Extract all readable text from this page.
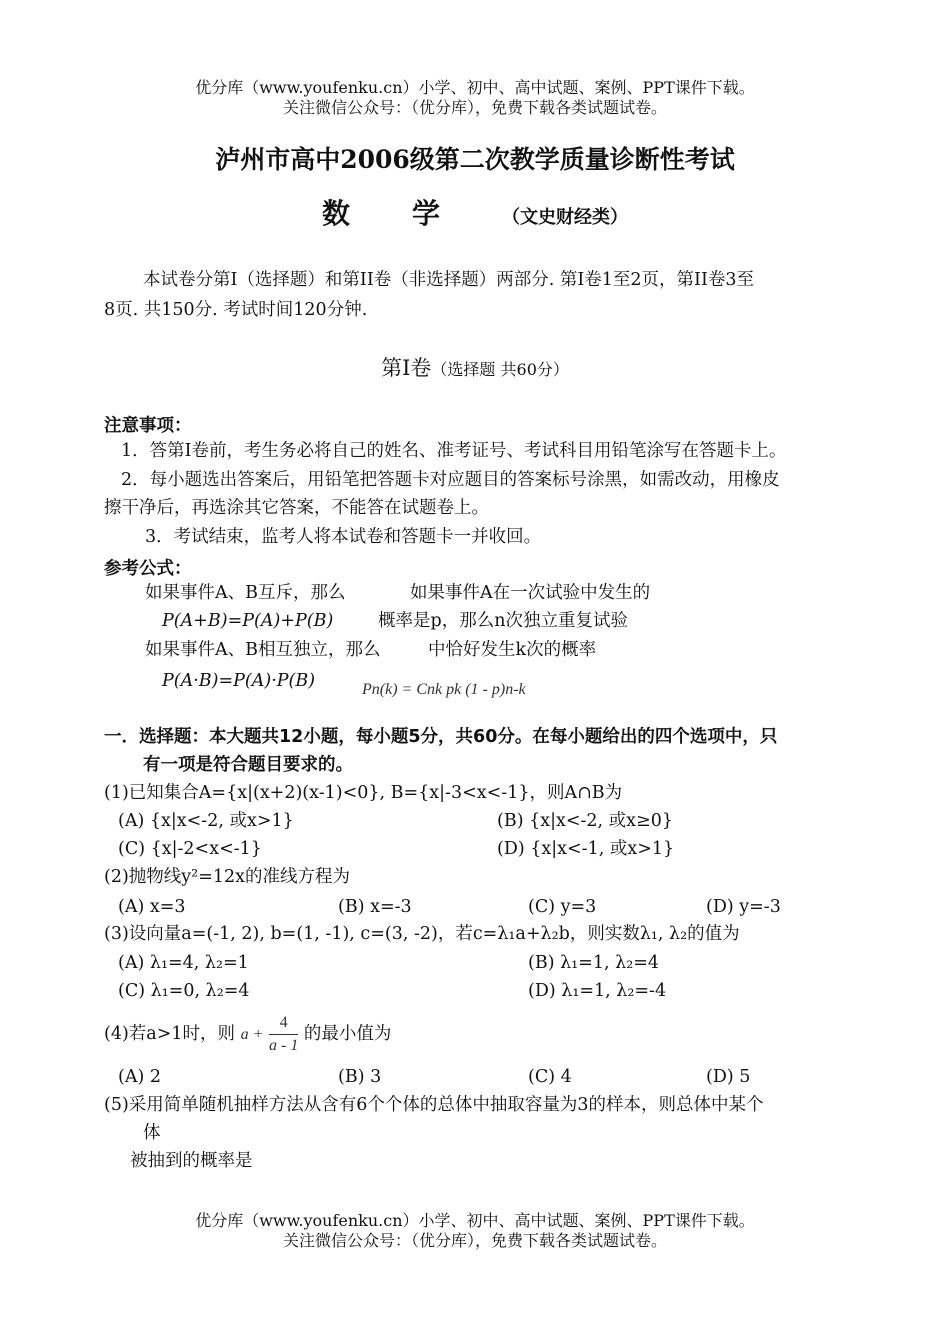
优分库（www.youfenku.cn）小学、初中、高中试题、案例、PPT课件下载。
关注微信公众号：（优分库），免费下载各类试题试卷。
泸州市高中2006级第二次教学质量诊断性考试
数学（文史财经类）
本试卷分第I（选择题）和第II卷（非选择题）两部分. 第I卷1至2页，第II卷3至
8页. 共150分. 考试时间120分钟.
第I卷（选择题 共60分）
注意事项：
1．答第I卷前，考生务必将自己的姓名、准考证号、考试科目用铅笔涂写在答题卡上。
2．每小题选出答案后，用铅笔把答题卡对应题目的答案标号涂黑，如需改动，用橡皮
擦干净后，再选涂其它答案，不能答在试题卷上。
3．考试结束，监考人将本试卷和答题卡一并收回。
参考公式：
如果事件A、B互斥，那么	如果事件A在一次试验中发生的
P(A+B)=P(A)+P(B)	概率是p，那么n次独立重复试验
如果事件A、B相互独立，那么	中恰好发生k次的概率
P(A·B)=P(A)·P(B)	Pn(k) = Cnk pk (1 - p)n-k
一．选择题：本大题共12小题，每小题5分，共60分。在每小题给出的四个选项中，只
有一项是符合题目要求的。
(1)已知集合A={x|(x+2)(x-1)<0}, B={x|-3<x<-1}，则A∩B为
(A) {x|x<-2, 或x>1}	(B) {x|x<-2, 或x≥0}
(C) {x|-2<x<-1}	(D) {x|x<-1, 或x>1}
(2)抛物线y²=12x的准线方程为
(A) x=3	(B) x=-3	(C) y=3	(D) y=-3
(3)设向量a=(-1, 2), b=(1, -1), c=(3, -2)，若c=λ₁a+λ₂b，则实数λ₁, λ₂的值为
(A) λ₁=4, λ₂=1	(B) λ₁=1, λ₂=4
(C) λ₁=0, λ₂=4	(D) λ₁=1, λ₂=-4
(4)若a>1时，则 $a + \frac{4}{a - 1}$ 的最小值为
(A) 2	(B) 3	(C) 4	(D) 5
(5)采用简单随机抽样方法从含有6个个体的总体中抽取容量为3的样本，则总体中某个
体
被抽到的概率是
优分库（www.youfenku.cn）小学、初中、高中试题、案例、PPT课件下载。
关注微信公众号：（优分库），免费下载各类试题试卷。
